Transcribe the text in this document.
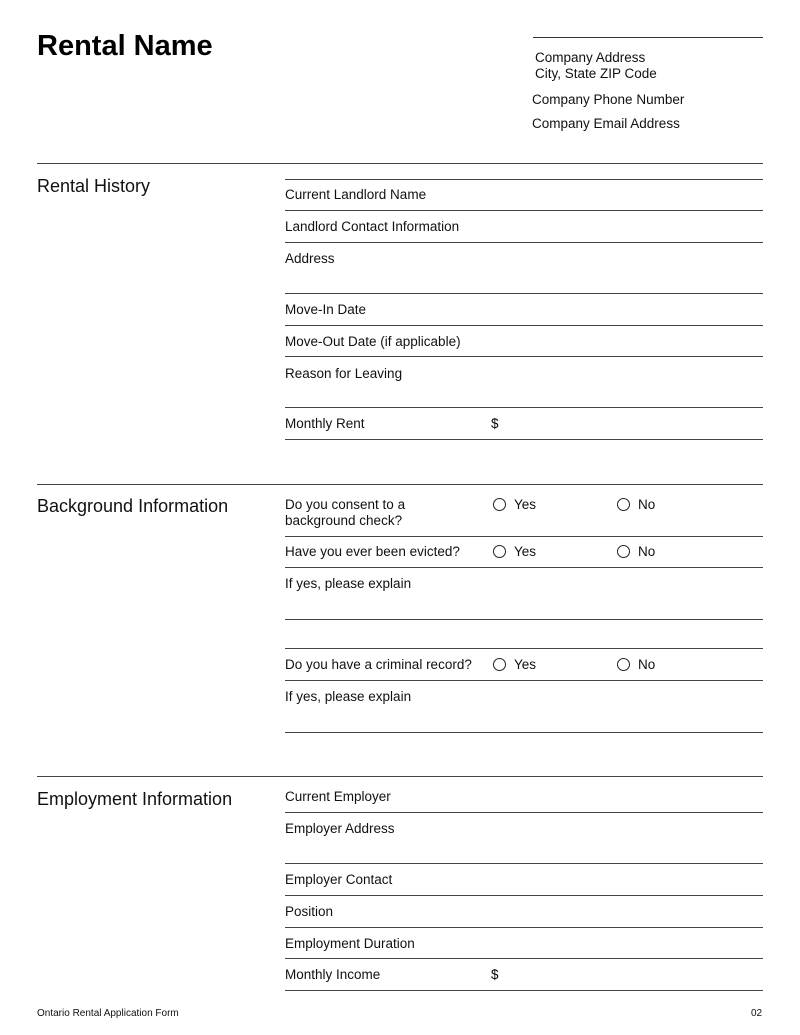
Rental Name	Company Address
City, State ZIP Code
Company Phone Number
Company Email Address
Rental History	Current Landlord Name
Landlord Contact Information
Address
Move-In Date
Move-Out Date (if applicable)
Reason for Leaving
Monthly Rent	$
Background Information	Do you consent to a
background check?
Yes	No
Have you ever been evicted?	Yes	No
If yes, please explain
Do you have a criminal record?	Yes	No
If yes, please explain
Employment Information	Current Employer
Employer Address
Employer Contact
Position
Employment Duration
Monthly Income	$
Ontario Rental Application Form	02
